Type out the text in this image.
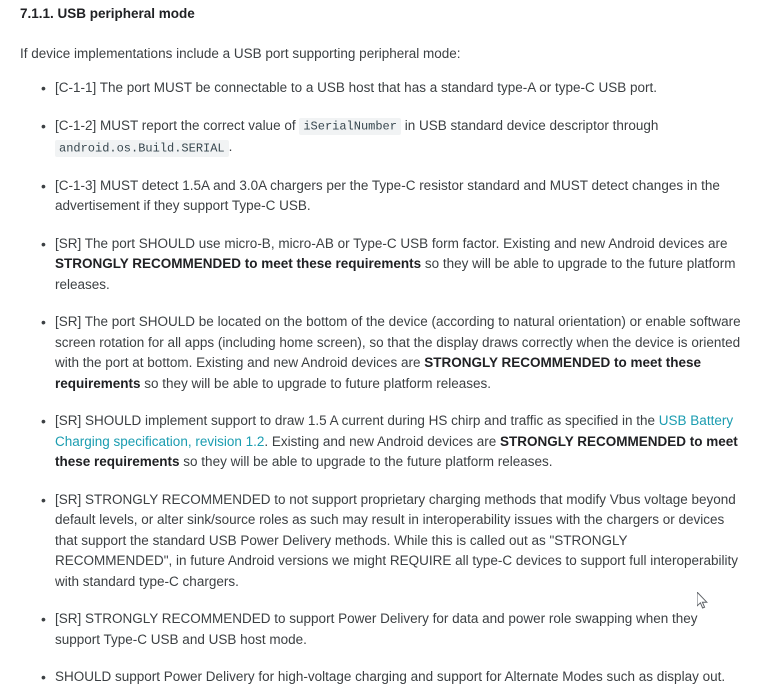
7.1.1. USB peripheral mode

If device implementations include a USB port supporting peripheral mode:

• [C-1-1] The port MUST be connectable to a USB host that has a standard type-A or type-C USB port.
• [C-1-2] MUST report the correct value of iSerialNumber in USB standard device descriptor through android.os.Build.SERIAL .
• [C-1-3] MUST detect 1.5A and 3.0A chargers per the Type-C resistor standard and MUST detect changes in the advertisement if they support Type-C USB.
• [SR] The port SHOULD use micro-B, micro-AB or Type-C USB form factor. Existing and new Android devices are STRONGLY RECOMMENDED to meet these requirements so they will be able to upgrade to the future platform releases.
• [SR] The port SHOULD be located on the bottom of the device (according to natural orientation) or enable software screen rotation for all apps (including home screen), so that the display draws correctly when the device is oriented with the port at bottom. Existing and new Android devices are STRONGLY RECOMMENDED to meet these requirements so they will be able to upgrade to future platform releases.
• [SR] SHOULD implement support to draw 1.5 A current during HS chirp and traffic as specified in the USB Battery Charging specification, revision 1.2. Existing and new Android devices are STRONGLY RECOMMENDED to meet these requirements so they will be able to upgrade to the future platform releases.
• [SR] STRONGLY RECOMMENDED to not support proprietary charging methods that modify Vbus voltage beyond default levels, or alter sink/source roles as such may result in interoperability issues with the chargers or devices that support the standard USB Power Delivery methods. While this is called out as "STRONGLY RECOMMENDED", in future Android versions we might REQUIRE all type-C devices to support full interoperability with standard type-C chargers.
• [SR] STRONGLY RECOMMENDED to support Power Delivery for data and power role swapping when they support Type-C USB and USB host mode.
• SHOULD support Power Delivery for high-voltage charging and support for Alternate Modes such as display out.
